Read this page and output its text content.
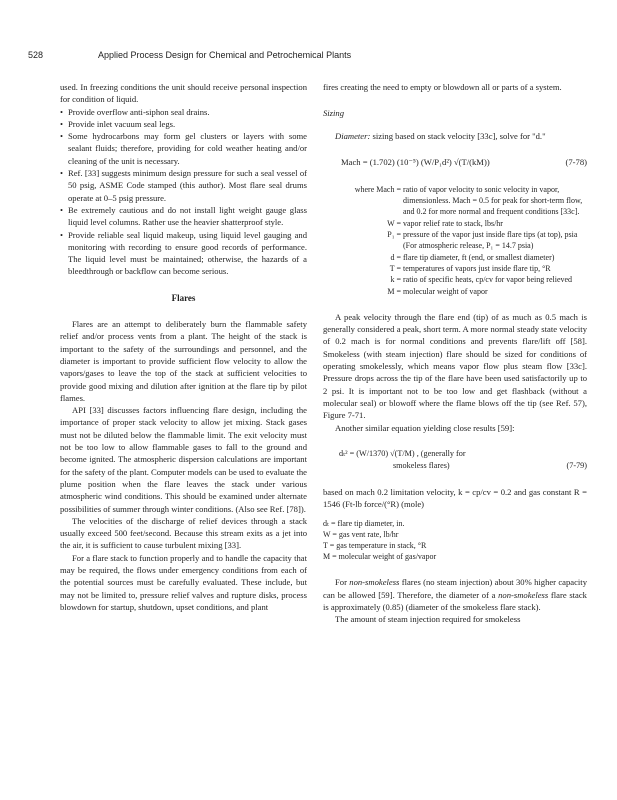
528	Applied Process Design for Chemical and Petrochemical Plants

used. In freezing conditions the unit should receive personal inspection for condition of liquid.

• Provide overflow anti-siphon seal drains.
• Provide inlet vacuum seal legs.
• Some hydrocarbons may form gel clusters or layers with some sealant fluids; therefore, providing for cold weather heating and/or cleaning of the unit is necessary.
• Ref. [33] suggests minimum design pressure for such a seal vessel of 50 psig, ASME Code stamped (this author). Most flare seal drums operate at 0–5 psig pressure.
• Be extremely cautious and do not install light weight gauge glass liquid level columns. Rather use the heavier shatterproof style.
• Provide reliable seal liquid makeup, using liquid level gauging and monitoring with recording to ensure good records of performance. The liquid level must be maintained; otherwise, the hazards of a bleedthrough or backflow can become serious.
Flares

Flares are an attempt to deliberately burn the flammable safety relief and/or process vents from a plant. The height of the stack is important to the safety of the surroundings and personnel, and the diameter is important to provide sufficient flow velocity to allow the vapors/gases to leave the top of the stack at sufficient velocities to provide good mixing and dilution after ignition at the flare tip by pilot flames.

API [33] discusses factors influencing flare design, including the importance of proper stack velocity to allow jet mixing. Stack gases must not be diluted below the flammable limit. The exit velocity must not be too low to allow flammable gases to fall to the ground and become ignited. The atmospheric dispersion calculations are important for the safety of the plant. Computer models can be used to evaluate the plume position when the flare leaves the stack under various atmospheric wind conditions. This should be examined under alternate possibilities of summer through winter conditions. (Also see Ref. [78]).

The velocities of the discharge of relief devices through a stack usually exceed 500 feet/second. Because this stream exits as a jet into the air, it is sufficient to cause turbulent mixing [33].

For a flare stack to function properly and to handle the capacity that may be required, the flows under emergency conditions from each of the potential sources must be carefully evaluated. These include, but may not be limited to, pressure relief valves and rupture disks, process blowdown for startup, shutdown, upset conditions, and plant

fires creating the need to empty or blowdown all or parts of a system.

Sizing

Diameter: sizing based on stack velocity [33c], solve for "d."

Mach = (1.702) (10⁻⁵) (W/P₁d²) √(T/(kM))	(7-78)
where Mach = ratio of vapor velocity to sonic velocity in vapor, dimensionless. Mach = 0.5 for peak for short-term flow, and 0.2 for more normal and frequent conditions [33c].
W = vapor relief rate to stack, lbs/hr
P₁ = pressure of the vapor just inside flare tips (at top), psia (For atmospheric release, P₁ = 14.7 psia)
d = flare tip diameter, ft (end, or smallest diameter)
T = temperatures of vapors just inside flare tip, °R
k = ratio of specific heats, cp/cv for vapor being relieved
M = molecular weight of vapor

A peak velocity through the flare end (tip) of as much as 0.5 mach is generally considered a peak, short term. A more normal steady state velocity of 0.2 mach is for normal conditions and prevents flare/lift off [58]. Smokeless (with steam injection) flare should be sized for conditions of operating smokelessly, which means vapor flow plus steam flow [33c]. Pressure drops across the tip of the flare have been used satisfactorily up to 2 psi. It is important not to be too low and get flashback (without a molecular seal) or blowoff where the flame blows off the tip (see Ref. 57), Figure 7-71.

Another similar equation yielding close results [59]:

dₜ² = (W/1370) √(T/M) , (generally for
smokeless flares)	(7-79)

based on mach 0.2 limitation velocity, k = cp/cv = 0.2 and gas constant R = 1546 (Ft-lb force/(°R) (mole)

dₜ = flare tip diameter, in.
W = gas vent rate, lb/hr
T = gas temperature in stack, °R
M = molecular weight of gas/vapor

For non-smokeless flares (no steam injection) about 30% higher capacity can be allowed [59]. Therefore, the diameter of a non-smokeless flare stack is approximately (0.85) (diameter of the smokeless flare stack).

The amount of steam injection required for smokeless
